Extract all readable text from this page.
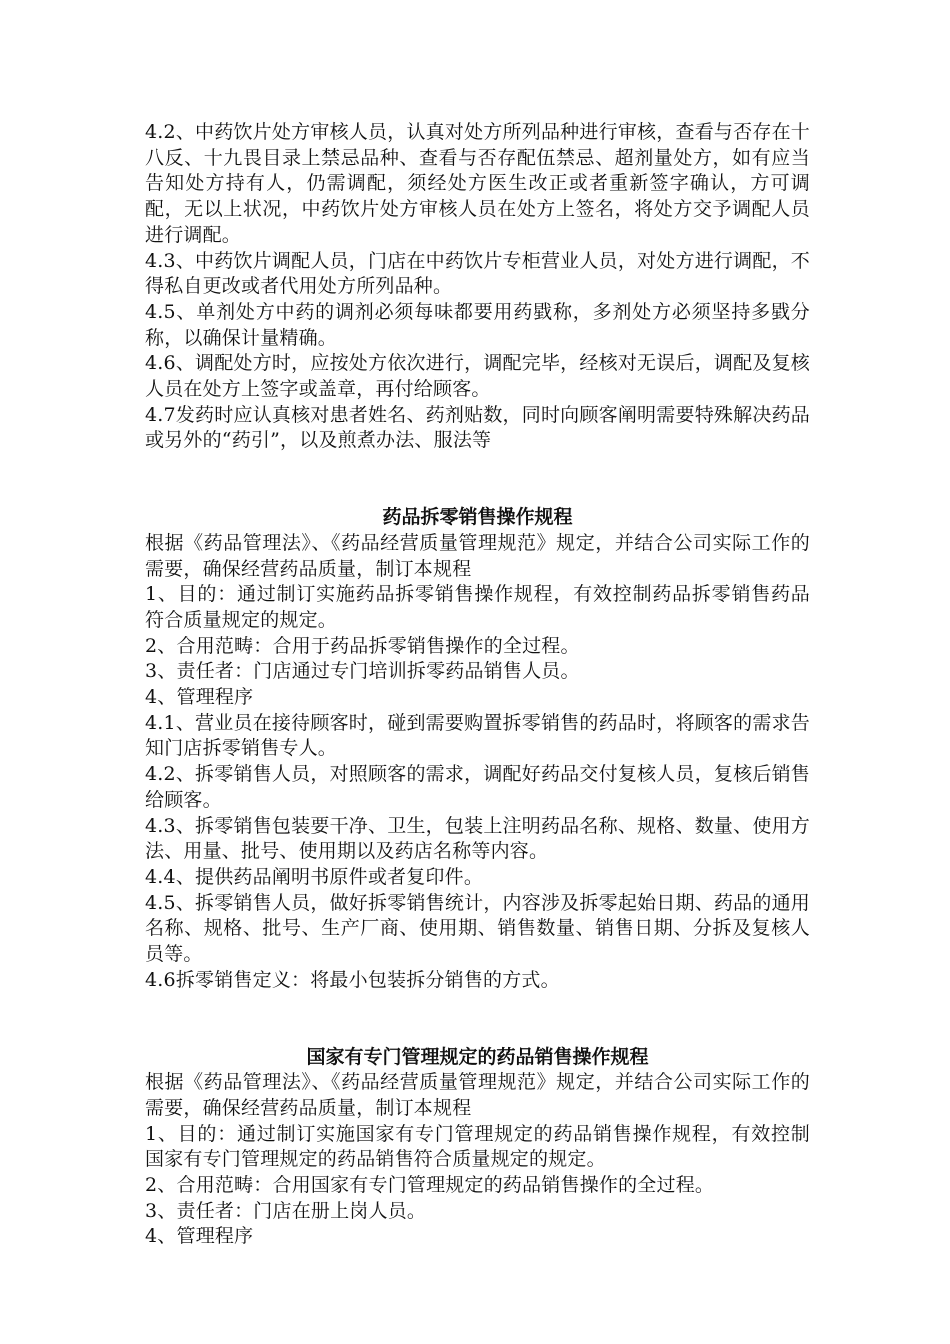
4.2、中药饮片处方审核人员，认真对处方所列品种进行审核，查看与否存在十八反、十九畏目录上禁忌品种、查看与否存配伍禁忌、超剂量处方，如有应当告知处方持有人，仍需调配，须经处方医生改正或者重新签字确认，方可调配，无以上状况，中药饮片处方审核人员在处方上签名，将处方交予调配人员进行调配。

4.3、中药饮片调配人员，门店在中药饮片专柜营业人员，对处方进行调配，不得私自更改或者代用处方所列品种。

4.5、单剂处方中药的调剂必须每味都要用药戥称，多剂处方必须坚持多戥分称，以确保计量精确。

4.6、调配处方时，应按处方依次进行，调配完毕，经核对无误后，调配及复核人员在处方上签字或盖章，再付给顾客。

4.7发药时应认真核对患者姓名、药剂贴数，同时向顾客阐明需要特殊解决药品或另外的“药引”，以及煎煮办法、服法等

药品拆零销售操作规程

根据《药品管理法》、《药品经营质量管理规范》规定，并结合公司实际工作的需要，确保经营药品质量，制订本规程

1、目的：通过制订实施药品拆零销售操作规程，有效控制药品拆零销售药品符合质量规定的规定。

2、合用范畴：合用于药品拆零销售操作的全过程。

3、责任者：门店通过专门培训拆零药品销售人员。

4、管理程序

4.1、营业员在接待顾客时，碰到需要购置拆零销售的药品时，将顾客的需求告知门店拆零销售专人。

4.2、拆零销售人员，对照顾客的需求，调配好药品交付复核人员，复核后销售给顾客。

4.3、拆零销售包装要干净、卫生，包装上注明药品名称、规格、数量、使用方法、用量、批号、使用期以及药店名称等内容。

4.4、提供药品阐明书原件或者复印件。

4.5、拆零销售人员，做好拆零销售统计，内容涉及拆零起始日期、药品的通用名称、规格、批号、生产厂商、使用期、销售数量、销售日期、分拆及复核人员等。

4.6拆零销售定义：将最小包装拆分销售的方式。

国家有专门管理规定的药品销售操作规程

根据《药品管理法》、《药品经营质量管理规范》规定，并结合公司实际工作的需要，确保经营药品质量，制订本规程

1、目的：通过制订实施国家有专门管理规定的药品销售操作规程，有效控制国家有专门管理规定的药品销售符合质量规定的规定。

2、合用范畴：合用国家有专门管理规定的药品销售操作的全过程。

3、责任者：门店在册上岗人员。

4、管理程序
